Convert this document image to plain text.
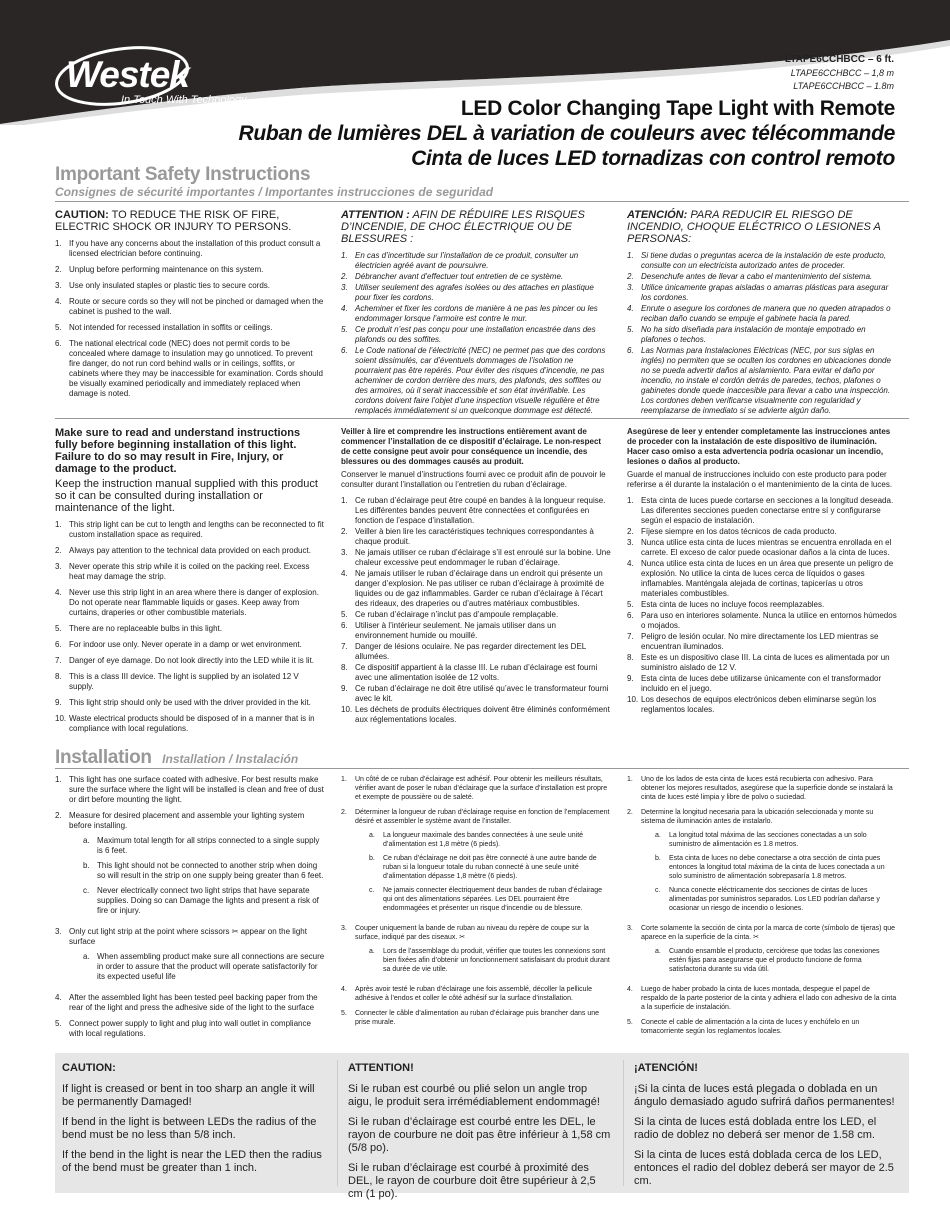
Westek
In Touch With Technology
LTAPE6CCHBCC – 6 ft.
LTAPE6CCHBCC – 1,8 m
LTAPE6CCHBCC – 1.8m
LED Color Changing Tape Light with Remote
Ruban de lumières DEL à variation de couleurs avec télécommande
Cinta de luces LED tornadizas con control remoto
Important Safety Instructions
Consignes de sécurité importantes / Importantes instrucciones de seguridad
CAUTION: TO REDUCE THE RISK OF FIRE, ELECTRIC SHOCK OR INJURY TO PERSONS.
1. If you have any concerns about the installation of this product consult a licensed electrician before continuing.
2. Unplug before performing maintenance on this system.
3. Use only insulated staples or plastic ties to secure cords.
4. Route or secure cords so they will not be pinched or damaged when the cabinet is pushed to the wall.
5. Not intended for recessed installation in soffits or ceilings.
6. The national electrical code (NEC) does not permit cords to be concealed where damage to insulation may go unnoticed. To prevent fire danger, do not run cord behind walls or in ceilings, soffits, or cabinets where they may be inaccessible for examination. Cords should be visually examined periodically and immediately replaced when damage is noted.
ATTENTION : AFIN DE RÉDUIRE LES RISQUES D’INCENDIE, DE CHOC ÉLECTRIQUE OU DE BLESSURES :
1. En cas d’incertitude sur l’installation de ce produit, consulter un électricien agréé avant de poursuivre.
2. Débrancher avant d’effectuer tout entretien de ce système.
3. Utiliser seulement des agrafes isolées ou des attaches en plastique pour fixer les cordons.
4. Acheminer et fixer les cordons de manière à ne pas les pincer ou les endommager lorsque l’armoire est contre le mur.
5. Ce produit n’est pas conçu pour une installation encastrée dans des plafonds ou des soffites.
6. Le Code national de l’électricité (NEC) ne permet pas que des cordons soient dissimulés, car d’éventuels dommages de l’isolation ne pourraient pas être repérés. Pour éviter des risques d’incendie, ne pas acheminer de cordon derrière des murs, des plafonds, des soffites ou des armoires, où il serait inaccessible et son état invérifiable. Les cordons doivent faire l’objet d’une inspection visuelle régulière et être remplacés immédiatement si un quelconque dommage est détecté.
ATENCIÓN: PARA REDUCIR EL RIESGO DE INCENDIO, CHOQUE ELÉCTRICO O LESIONES A PERSONAS:
1. Si tiene dudas o preguntas acerca de la instalación de este producto, consulte con un electricista autorizado antes de proceder.
2. Desenchufe antes de llevar a cabo el mantenimiento del sistema.
3. Utilice únicamente grapas aisladas o amarras plásticas para asegurar los cordones.
4. Enrute o asegure los cordones de manera que no queden atrapados o reciban daño cuando se empuje el gabinete hacia la pared.
5. No ha sido diseñada para instalación de montaje empotrado en plafones o techos.
6. Las Normas para Instalaciones Eléctricas (NEC, por sus siglas en inglés) no permiten que se oculten los cordones en ubicaciones donde no se pueda advertir daños al aislamiento. Para evitar el daño por incendio, no instale el cordón detrás de paredes, techos, plafones o gabinetes donde quede inaccesible para llevar a cabo una inspección. Los cordones deben verificarse visualmente con regularidad y reemplazarse de inmediato si se advierte algún daño.
Make sure to read and understand instructions fully before beginning installation of this light. Failure to do so may result in Fire, Injury, or damage to the product.
Keep the instruction manual supplied with this product so it can be consulted during installation or maintenance of the light.
1. This strip light can be cut to length and lengths can be reconnected to fit custom installation space as required.
2. Always pay attention to the technical data provided on each product.
3. Never operate this strip while it is coiled on the packing reel. Excess heat may damage the strip.
4. Never use this strip light in an area where there is danger of explosion. Do not operate near flammable liquids or gases. Keep away from curtains, draperies or other combustible materials.
5. There are no replaceable bulbs in this light.
6. For indoor use only. Never operate in a damp or wet environment.
7. Danger of eye damage. Do not look directly into the LED while it is lit.
8. This is a class III device. The light is supplied by an isolated 12 V supply.
9. This light strip should only be used with the driver provided in the kit.
10. Waste electrical products should be disposed of in a manner that is in compliance with local regulations.
Veiller à lire et comprendre les instructions entièrement avant de commencer l’installation de ce dispositif d’éclairage. Le non-respect de cette consigne peut avoir pour conséquence un incendie, des blessures ou des dommages causés au produit.
Conserver le manuel d’instructions fourni avec ce produit afin de pouvoir le consulter durant l’installation ou l’entretien du ruban d’éclairage.
1. Ce ruban d’éclairage peut être coupé en bandes à la longueur requise. Les différentes bandes peuvent être connectées et configurées en fonction de l’espace d’installation.
2. Veiller à bien lire les caractéristiques techniques correspondantes à chaque produit.
3. Ne jamais utiliser ce ruban d’éclairage s’il est enroulé sur la bobine. Une chaleur excessive peut endommager le ruban d’éclairage.
4. Ne jamais utiliser le ruban d’éclairage dans un endroit qui présente un danger d’explosion. Ne pas utiliser ce ruban d’éclairage à proximité de liquides ou de gaz inflammables. Garder ce ruban d’éclairage à l’écart des rideaux, des draperies ou d’autres matériaux combustibles.
5. Ce ruban d’éclairage n’inclut pas d’ampoule remplaçable.
6. Utiliser à l’intérieur seulement. Ne jamais utiliser dans un environnement humide ou mouillé.
7. Danger de lésions oculaire. Ne pas regarder directement les DEL allumées.
8. Ce dispositif appartient à la classe III. Le ruban d’éclairage est fourni avec une alimentation isolée de 12 volts.
9. Ce ruban d’éclairage ne doit être utilisé qu’avec le transformateur fourni avec le kit.
10. Les déchets de produits électriques doivent être éliminés conformément aux réglementations locales.
Asegúrese de leer y entender completamente las instrucciones antes de proceder con la instalación de este dispositivo de iluminación. Hacer caso omiso a esta advertencia podría ocasionar un incendio, lesiones o daños al producto.
Guarde el manual de instrucciones incluido con este producto para poder referirse a él durante la instalación o el mantenimiento de la cinta de luces.
1. Esta cinta de luces puede cortarse en secciones a la longitud deseada. Las diferentes secciones pueden conectarse entre sí y configurarse según el espacio de instalación.
2. Fíjese siempre en los datos técnicos de cada producto.
3. Nunca utilice esta cinta de luces mientras se encuentra enrollada en el carrete. El exceso de calor puede ocasionar daños a la cinta de luces.
4. Nunca utilice esta cinta de luces en un área que presente un peligro de explosión. No utilice la cinta de luces cerca de líquidos o gases inflamables. Manténgala alejada de cortinas, tapicerías u otros materiales combustibles.
5. Esta cinta de luces no incluye focos reemplazables.
6. Para uso en interiores solamente. Nunca la utilice en entornos húmedos o mojados.
7. Peligro de lesión ocular. No mire directamente los LED mientras se encuentran iluminados.
8. Este es un dispositivo clase III. La cinta de luces es alimentada por un suministro aislado de 12 V.
9. Esta cinta de luces debe utilizarse únicamente con el transformador incluido en el juego.
10. Los desechos de equipos electrónicos deben eliminarse según los reglamentos locales.
Installation Installation / Instalación
1. This light has one surface coated with adhesive. For best results make sure the surface where the light will be installed is clean and free of dust or dirt before mounting the light.
2. Measure for desired placement and assemble your lighting system before installing.
a. Maximum total length for all strips connected to a single supply is 6 feet.
b. This light should not be connected to another strip when doing so will result in the strip on one supply being greater than 6 feet.
c. Never electrically connect two light strips that have separate supplies. Doing so can Damage the lights and present a risk of fire or injury.
3. Only cut light strip at the point where scissors ✂ appear on the light surface
a. When assembling product make sure all connections are secure in order to assure that the product will operate satisfactorily for its expected useful life
4. After the assembled light has been tested peel backing paper from the rear of the light and press the adhesive side of the light to the surface
5. Connect power supply to light and plug into wall outlet in compliance with local regulations.
1.	Un côté de ce ruban d’éclairage est adhésif. Pour obtenir les meilleurs résultats, vérifier avant de poser le ruban d’éclairage que la surface d’installation est propre et exempte de poussière ou de saleté.
2.	Déterminer la longueur de ruban d’éclairage requise en fonction de l’emplacement désiré et assembler le système avant de l’installer.
a.	La longueur maximale des bandes connectées à une seule unité d’alimentation est 1,8 mètre (6 pieds).
b.	Ce ruban d’éclairage ne doit pas être connecté à une autre bande de ruban si la longueur totale du ruban connecté à une seule unité d’alimentation dépasse 1,8 mètre (6 pieds).
c.	Ne jamais connecter électriquement deux bandes de ruban d’éclairage qui ont des alimentations séparées. Les DEL pourraient être endommagées et présenter un risque d’incendie ou de blessure.
3.	Couper uniquement la bande de ruban au niveau du repère de coupe sur la surface, indiqué par des ciseaux. ✂
a.	Lors de l’assemblage du produit, vérifier que toutes les connexions sont bien fixées afin d’obtenir un fonctionnement satisfaisant du produit durant sa durée de vie utile.
4.	Après avoir testé le ruban d’éclairage une fois assemblé, décoller la pellicule adhésive à l’endos et coller le côté adhésif sur la surface d’installation.
5.	Connecter le câble d’alimentation au ruban d’éclairage puis brancher dans une prise murale.
1.	Uno de los lados de esta cinta de luces está recubierta con adhesivo. Para obtener los mejores resultados, asegúrese que la superficie donde se instalará la cinta de luces esté limpia y libre de polvo o suciedad.
2.	Determine la longitud necesaria para la ubicación seleccionada y monte su sistema de iluminación antes de instalarlo.
a.	La longitud total máxima de las secciones conectadas a un solo suministro de alimentación es 1.8 metros.
b.	Esta cinta de luces no debe conectarse a otra sección de cinta pues entonces la longitud total máxima de la cinta de luces conectada a un solo suministro de alimentación sobrepasaría 1.8 metros.
c.	Nunca conecte eléctricamente dos secciones de cintas de luces alimentadas por suministros separados. Los LED podrían dañarse y ocasionar un riesgo de incendio o lesiones.
3.	Corte solamente la sección de cinta por la marca de corte (símbolo de tijeras) que aparece en la superficie de la cinta. ✂
a.	Cuando ensamble el producto, cerciórese que todas las conexiones estén fijas para asegurarse que el producto funcione de forma satisfactoria durante su vida útil.
4.	Luego de haber probado la cinta de luces montada, despegue el papel de respaldo de la parte posterior de la cinta y adhiera el lado con adhesivo de la cinta a la superficie de instalación.
5.	Conecte el cable de alimentación a la cinta de luces y enchúfelo en un tomacorriente según los reglamentos locales.
CAUTION:

If light is creased or bent in too sharp an angle it will be permanently Damaged!

If bend in the light is between LEDs the radius of the bend must be no less than 5/8 inch.

If the bend in the light is near the LED then the radius of the bend must be greater than 1 inch.

ATTENTION!

Si le ruban est courbé ou plié selon un angle trop aigu, le produit sera irrémédiablement endommagé!

Si le ruban d’éclairage est courbé entre les DEL, le rayon de courbure ne doit pas être inférieur à 1,58 cm (5/8 po).

Si le ruban d’éclairage est courbé à proximité des DEL, le rayon de courbure doit être supérieur à 2,5 cm (1 po).

¡ATENCIÓN!

¡Si la cinta de luces está plegada o doblada en un ángulo demasiado agudo sufrirá daños permanentes!

Si la cinta de luces está doblada entre los LED, el radio de doblez no deberá ser menor de 1.58 cm.

Si la cinta de luces está doblada cerca de los LED, entonces el radio del doblez deberá ser mayor de 2.5 cm.
